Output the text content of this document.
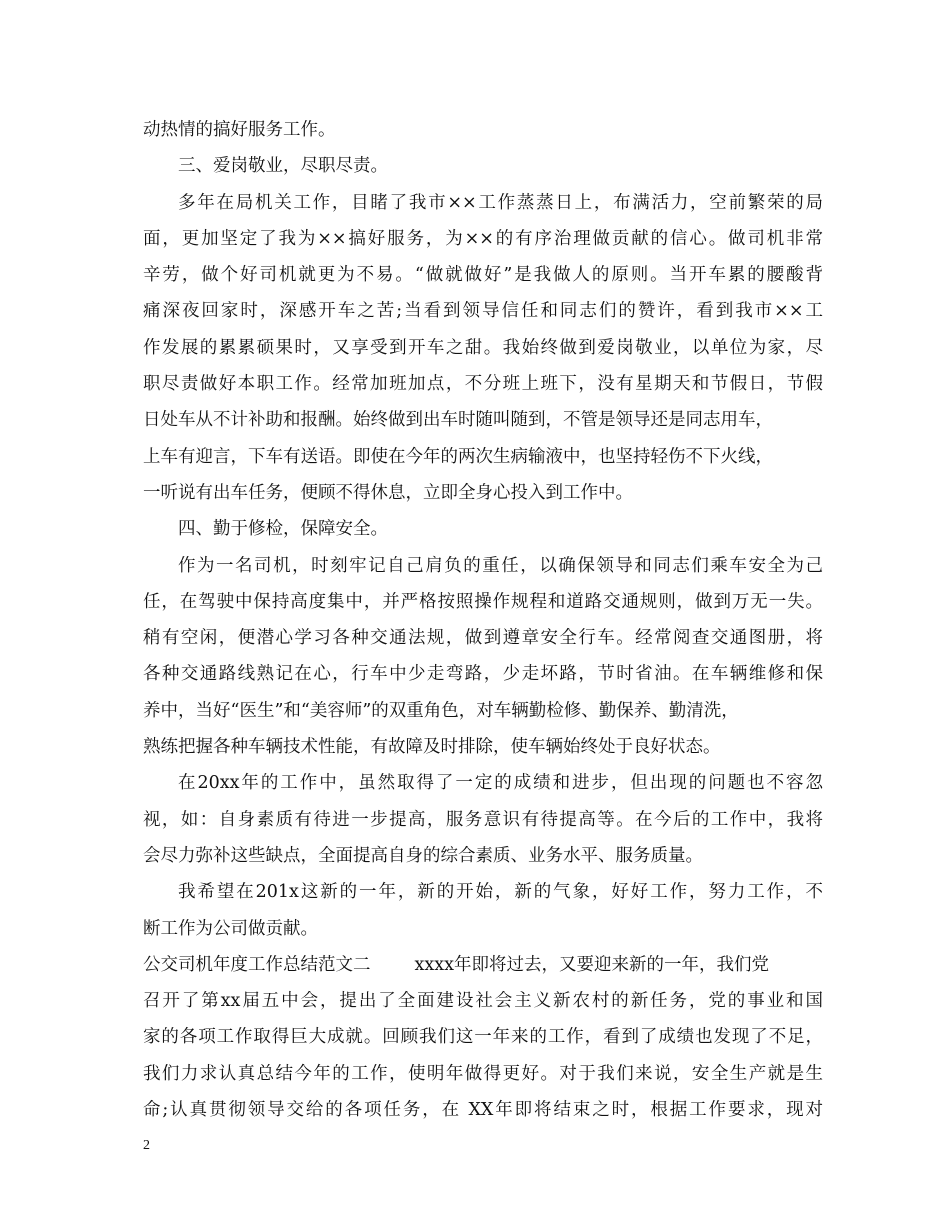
动热情的搞好服务工作。
三、爱岗敬业，尽职尽责。
多年在局机关工作，目睹了我市××工作蒸蒸日上，布满活力，空前繁荣的局
面，更加坚定了我为××搞好服务，为××的有序治理做贡献的信心。做司机非常
辛劳，做个好司机就更为不易。“做就做好”是我做人的原则。当开车累的腰酸背
痛深夜回家时，深感开车之苦;当看到领导信任和同志们的赞许，看到我市××工
作发展的累累硕果时，又享受到开车之甜。我始终做到爱岗敬业，以单位为家，尽
职尽责做好本职工作。经常加班加点，不分班上班下，没有星期天和节假日，节假
日处车从不计补助和报酬。始终做到出车时随叫随到，不管是领导还是同志用车，
上车有迎言，下车有送语。即使在今年的两次生病输液中，也坚持轻伤不下火线，
一听说有出车任务，便顾不得休息，立即全身心投入到工作中。
四、勤于修检，保障安全。
作为一名司机，时刻牢记自己肩负的重任，以确保领导和同志们乘车安全为己
任，在驾驶中保持高度集中，并严格按照操作规程和道路交通规则，做到万无一失。
稍有空闲，便潜心学习各种交通法规，做到遵章安全行车。经常阅查交通图册，将
各种交通路线熟记在心，行车中少走弯路，少走坏路，节时省油。在车辆维修和保
养中，当好“医生”和“美容师”的双重角色，对车辆勤检修、勤保养、勤清洗，
熟练把握各种车辆技术性能，有故障及时排除，使车辆始终处于良好状态。
在20xx年的工作中，虽然取得了一定的成绩和进步，但出现的问题也不容忽
视，如：自身素质有待进一步提高，服务意识有待提高等。在今后的工作中，我将
会尽力弥补这些缺点，全面提高自身的综合素质、业务水平、服务质量。
我希望在201x这新的一年，新的开始，新的气象，好好工作，努力工作，不
断工作为公司做贡献。
公交司机年度工作总结范文二	xxxx年即将过去，又要迎来新的一年，我们党
召开了第xx届五中会，提出了全面建设社会主义新农村的新任务，党的事业和国
家的各项工作取得巨大成就。回顾我们这一年来的工作，看到了成绩也发现了不足，
我们力求认真总结今年的工作，使明年做得更好。对于我们来说，安全生产就是生
命;认真贯彻领导交给的各项任务，在 XX年即将结束之时，根据工作要求，现对
2
